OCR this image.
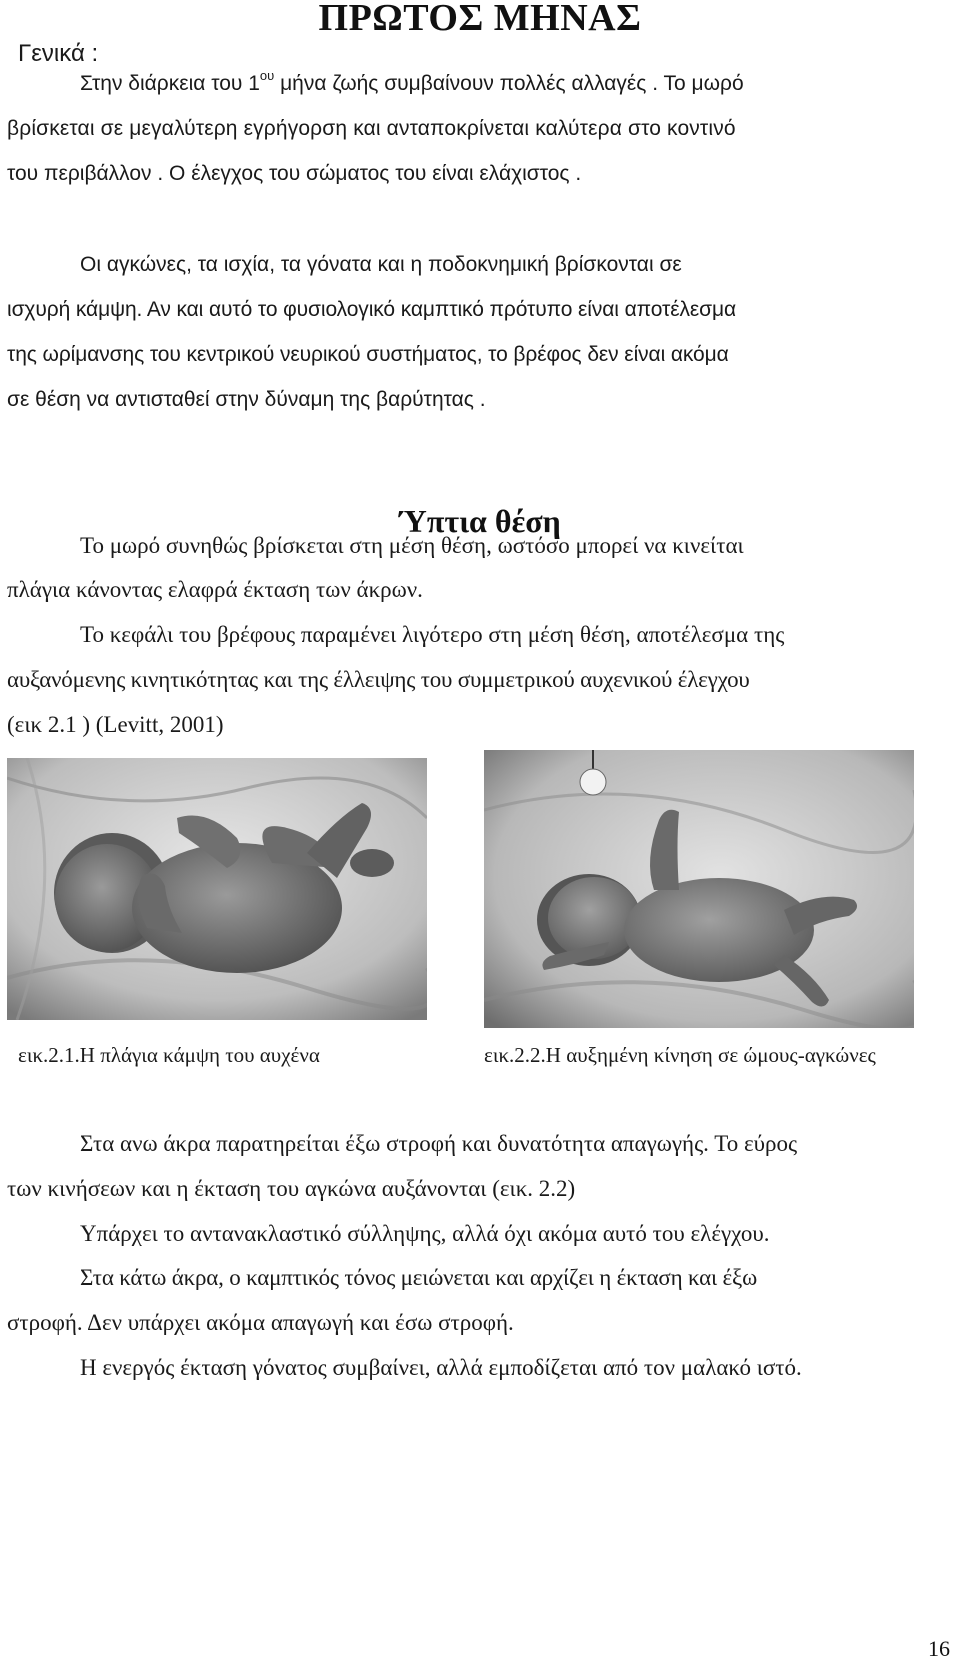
ΠΡΩΤΟΣ ΜΗΝΑΣ
Γενικά :
Στην διάρκεια του $1^{o\upsilon}$ μήνα ζωής συμβαίνουν πολλές αλλαγές . Το μωρό
βρίσκεται σε μεγαλύτερη εγρήγορση και ανταποκρίνεται καλύτερα στο κοντινό
του περιβάλλον . Ο έλεγχος του σώματος του είναι ελάχιστος .
Οι αγκώνες, τα ισχία, τα γόνατα και η ποδοκνημική βρίσκονται σε
ισχυρή κάμψη. Αν και αυτό το φυσιολογικό καμπτικό πρότυπο είναι αποτέλεσμα
της ωρίμανσης του κεντρικού νευρικού συστήματος, το βρέφος δεν είναι ακόμα
σε θέση να αντισταθεί στην δύναμη της βαρύτητας .
Ύπτια θέση
Το μωρό συνηθώς βρίσκεται στη μέση θέση, ωστόσο μπορεί να κινείται
πλάγια κάνοντας ελαφρά έκταση των άκρων.
Το κεφάλι του βρέφους παραμένει λιγότερο στη μέση θέση, αποτέλεσμα της
αυξανόμενης κινητικότητας και της έλλειψης του συμμετρικού αυχενικού έλεγχου
(εικ 2.1 ) (Levitt, 2001)
εικ.2.1.Η πλάγια κάμψη του αυχένα	εικ.2.2.Η αυξημένη κίνηση σε ώμους-αγκώνες
Στα ανω άκρα παρατηρείται έξω στροφή και δυνατότητα απαγωγής. Το εύρος
των κινήσεων και η έκταση του αγκώνα αυξάνονται (εικ. 2.2)
Υπάρχει το αντανακλαστικό σύλληψης, αλλά όχι ακόμα αυτό του ελέγχου.
Στα κάτω άκρα, ο καμπτικός τόνος μειώνεται και αρχίζει η έκταση και έξω
στροφή. Δεν υπάρχει ακόμα απαγωγή και έσω στροφή.
Η ενεργός έκταση γόνατος συμβαίνει, αλλά εμποδίζεται από τον μαλακό ιστό.
16
